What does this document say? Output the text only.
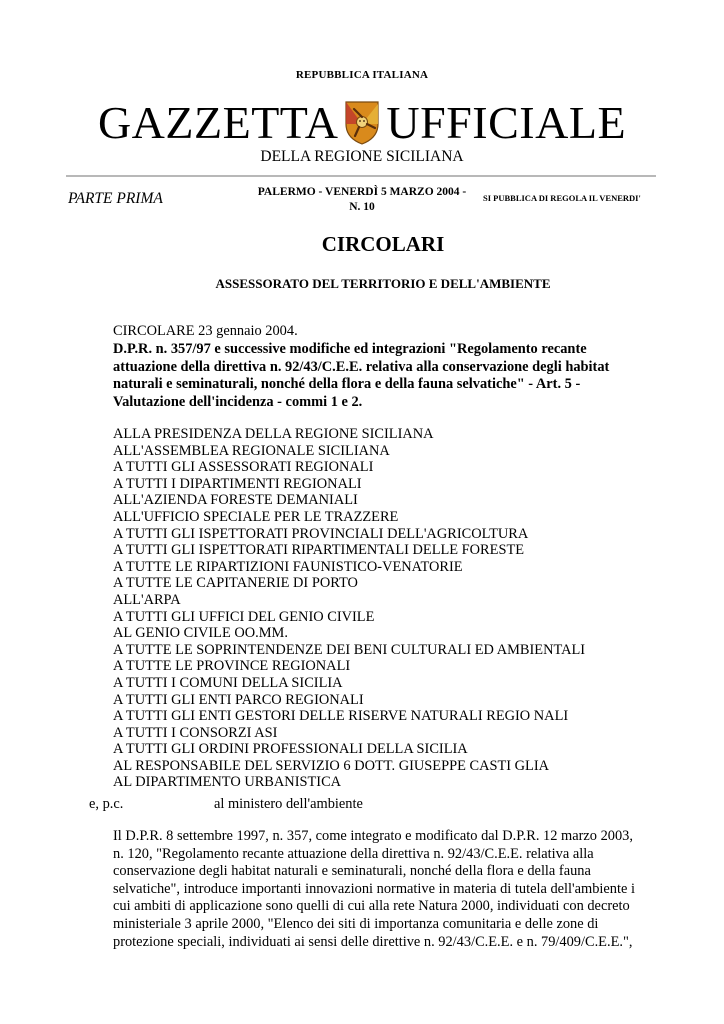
REPUBBLICA ITALIANA
GAZZETTA UFFICIALE
DELLA REGIONE SICILIANA
PARTE PRIMA	PALERMO - VENERDÌ 5 MARZO 2004 -
N. 10
SI PUBBLICA DI REGOLA IL VENERDI'
CIRCOLARI
ASSESSORATO DEL TERRITORIO E DELL'AMBIENTE
CIRCOLARE 23 gennaio 2004.
D.P.R. n. 357/97 e successive modifiche ed integrazioni "Regolamento recante
attuazione della direttiva n. 92/43/C.E.E. relativa alla conservazione degli habitat
naturali e seminaturali, nonché della flora e della fauna selvatiche" - Art. 5 -
Valutazione dell'incidenza - commi 1 e 2.
ALLA PRESIDENZA DELLA REGIONE SICILIANA
ALL'ASSEMBLEA REGIONALE SICILIANA
A TUTTI GLI ASSESSORATI REGIONALI
A TUTTI I DIPARTIMENTI REGIONALI
ALL'AZIENDA FORESTE DEMANIALI
ALL'UFFICIO SPECIALE PER LE TRAZZERE
A TUTTI GLI ISPETTORATI PROVINCIALI DELL'AGRICOLTURA
A TUTTI GLI ISPETTORATI RIPARTIMENTALI DELLE FORESTE
A TUTTE LE RIPARTIZIONI FAUNISTICO-VENATORIE
A TUTTE LE CAPITANERIE DI PORTO
ALL'ARPA
A TUTTI GLI UFFICI DEL GENIO CIVILE
AL GENIO CIVILE OO.MM.
A TUTTE LE SOPRINTENDENZE DEI BENI CULTURALI ED AMBIENTALI
A TUTTE LE PROVINCE REGIONALI
A TUTTI I COMUNI DELLA SICILIA
A TUTTI GLI ENTI PARCO REGIONALI
A TUTTI GLI ENTI GESTORI DELLE RISERVE NATURALI REGIO NALI
A TUTTI I CONSORZI ASI
A TUTTI GLI ORDINI PROFESSIONALI DELLA SICILIA
AL RESPONSABILE DEL SERVIZIO 6 DOTT. GIUSEPPE CASTI GLIA
AL DIPARTIMENTO URBANISTICA
e, p.c.	al ministero dell'ambiente
Il D.P.R. 8 settembre 1997, n. 357, come integrato e modificato dal D.P.R. 12 marzo 2003,
n. 120, "Regolamento recante attuazione della direttiva n. 92/43/C.E.E. relativa alla
conservazione degli habitat naturali e seminaturali, nonché della flora e della fauna
selvatiche", introduce importanti innovazioni normative in materia di tutela dell'ambiente i
cui ambiti di applicazione sono quelli di cui alla rete Natura 2000, individuati con decreto
ministeriale 3 aprile 2000, "Elenco dei siti di importanza comunitaria e delle zone di
protezione speciali, individuati ai sensi delle direttive n. 92/43/C.E.E. e n. 79/409/C.E.E.",
